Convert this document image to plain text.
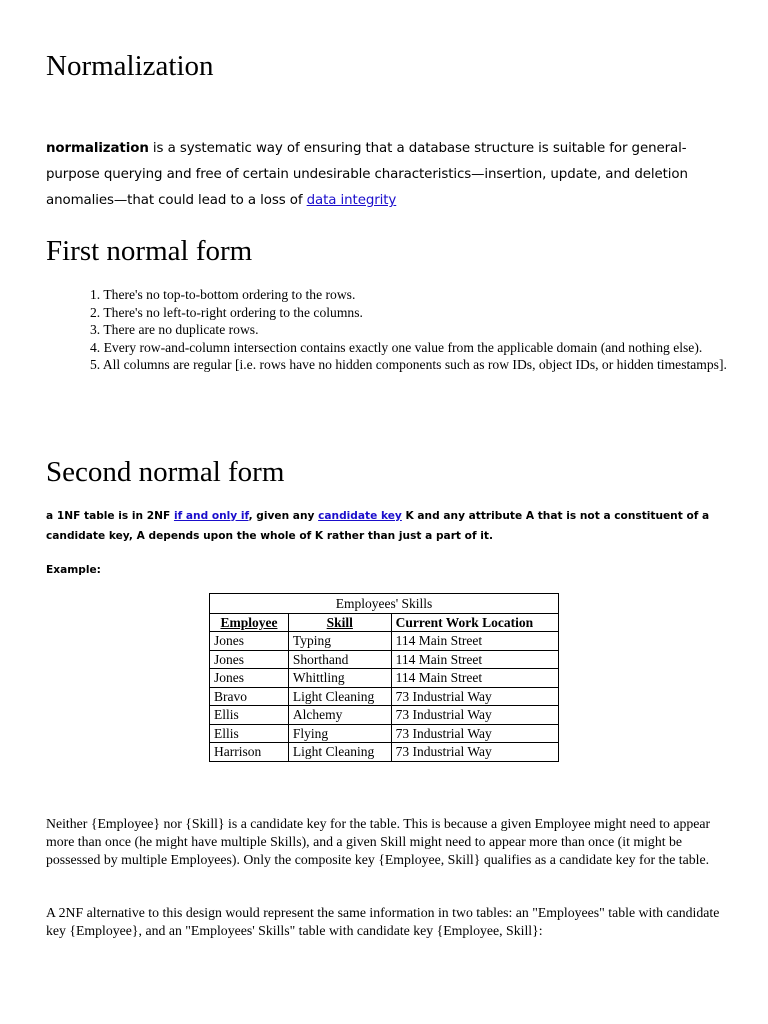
Normalization

normalization is a systematic way of ensuring that a database structure is suitable for general-purpose querying and free of certain undesirable characteristics—insertion, update, and deletion anomalies—that could lead to a loss of data integrity

First normal form
1. There's no top-to-bottom ordering to the rows.
2. There's no left-to-right ordering to the columns.
3. There are no duplicate rows.
4. Every row-and-column intersection contains exactly one value from the applicable domain (and nothing else).
5. All columns are regular [i.e. rows have no hidden components such as row IDs, object IDs, or hidden timestamps].
Second normal form

a 1NF table is in 2NF if and only if, given any candidate key K and any attribute A that is not a constituent of a candidate key, A depends upon the whole of K rather than just a part of it.

Example:

Employees' Skills
Employee	Skill	Current Work Location
Jones	Typing	114 Main Street
Jones	Shorthand	114 Main Street
Jones	Whittling	114 Main Street
Bravo	Light Cleaning	73 Industrial Way
Ellis	Alchemy	73 Industrial Way
Ellis	Flying	73 Industrial Way
Harrison	Light Cleaning	73 Industrial Way

Neither {Employee} nor {Skill} is a candidate key for the table. This is because a given Employee might need to appear more than once (he might have multiple Skills), and a given Skill might need to appear more than once (it might be possessed by multiple Employees). Only the composite key {Employee, Skill} qualifies as a candidate key for the table.

A 2NF alternative to this design would represent the same information in two tables: an "Employees" table with candidate key {Employee}, and an "Employees' Skills" table with candidate key {Employee, Skill}:
